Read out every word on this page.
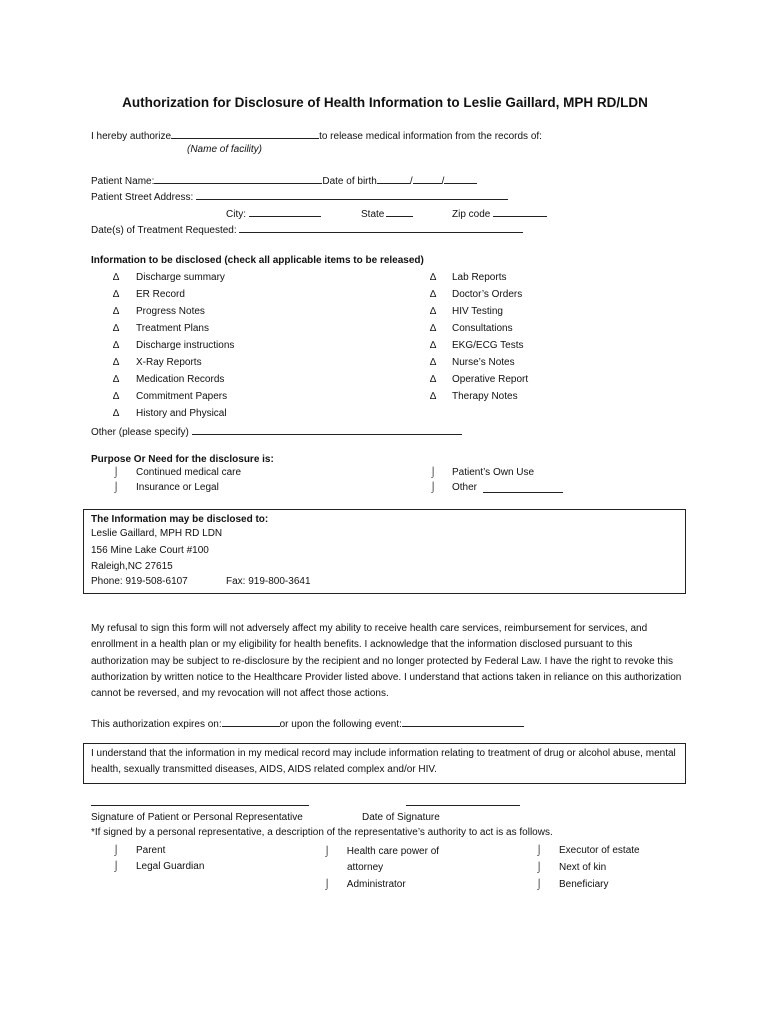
Authorization for Disclosure of Health Information to Leslie Gaillard, MPH RD/LDN
I hereby authorize	to release medical information from the records of:
(Name of facility)
Patient Name:	Date of birth	/	/
Patient Street Address:
City:	State	Zip code
Date(s) of Treatment Requested:
Information to be disclosed (check all applicable items to be released)
∆ Discharge summary
∆ ER Record
∆ Progress Notes
∆ Treatment Plans
∆ Discharge instructions
∆ X-Ray Reports
∆ Medication Records
∆ Commitment Papers
∆ History and Physical
∆ Lab Reports
∆ Doctor’s Orders
∆ HIV Testing
∆ Consultations
∆ EKG/ECG Tests
∆ Nurse’s Notes
∆ Operative Report
∆ Therapy Notes
Other (please specify)
Purpose Or Need for the disclosure is:
⌡ Continued medical care
⌡ Insurance or Legal
⌡ Patient’s Own Use
⌡ Other
The Information may be disclosed to:
Leslie Gaillard, MPH RD LDN
156 Mine Lake Court #100
Raleigh,NC 27615
Phone: 919-508-6107	Fax: 919-800-3641
My refusal to sign this form will not adversely affect my ability to receive health care services, reimbursement for services, and enrollment in a health plan or my eligibility for health benefits. I acknowledge that the information disclosed pursuant to this authorization may be subject to re-disclosure by the recipient and no longer protected by Federal Law. I have the right to revoke this authorization by written notice to the Healthcare Provider listed above. I understand that actions taken in reliance on this authorization cannot be reversed, and my revocation will not affect those actions.
This authorization expires on:	or upon the following event:
I understand that the information in my medical record may include information relating to treatment of drug or alcohol abuse, mental health, sexually transmitted diseases, AIDS, AIDS related complex and/or HIV.
Signature of Patient or Personal Representative	Date of Signature
*If signed by a personal representative, a description of the representative’s authority to act is as follows.
⌡ Parent
⌡ Legal Guardian
⌡ Health care power of
attorney
⌡ Administrator
⌡ Executor of estate
⌡ Next of kin
⌡ Beneficiary
